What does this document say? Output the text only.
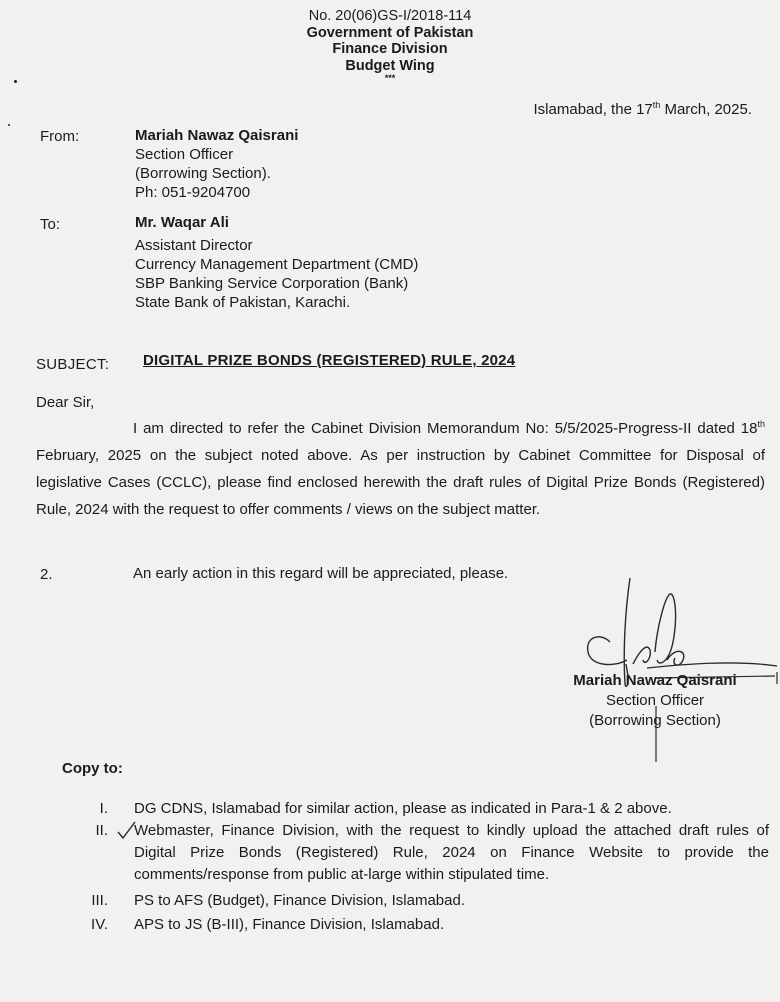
No. 20(06)GS-I/2018-114
Government of Pakistan
Finance Division
Budget Wing
***
Islamabad, the 17th March, 2025.
From:	Mariah Nawaz Qaisrani
Section Officer
(Borrowing Section).
Ph: 051-9204700
To:	Mr. Waqar Ali
Assistant Director
Currency Management Department (CMD)
SBP Banking Service Corporation (Bank)
State Bank of Pakistan, Karachi.
SUBJECT: DIGITAL PRIZE BONDS (REGISTERED) RULE, 2024
Dear Sir,
I am directed to refer the Cabinet Division Memorandum No: 5/5/2025-Progress-II dated 18th February, 2025 on the subject noted above. As per instruction by Cabinet Committee for Disposal of legislative Cases (CCLC), please find enclosed herewith the draft rules of Digital Prize Bonds (Registered) Rule, 2024 with the request to offer comments / views on the subject matter.
2.	An early action in this regard will be appreciated, please.
Mariah Nawaz Qaisrani
Section Officer
(Borrowing Section)
Copy to:
I. DG CDNS, Islamabad for similar action, please as indicated in Para-1 & 2 above.
II. Webmaster, Finance Division, with the request to kindly upload the attached draft rules of Digital Prize Bonds (Registered) Rule, 2024 on Finance Website to provide the comments/response from public at-large within stipulated time.
III. PS to AFS (Budget), Finance Division, Islamabad.
IV. APS to JS (B-III), Finance Division, Islamabad.
